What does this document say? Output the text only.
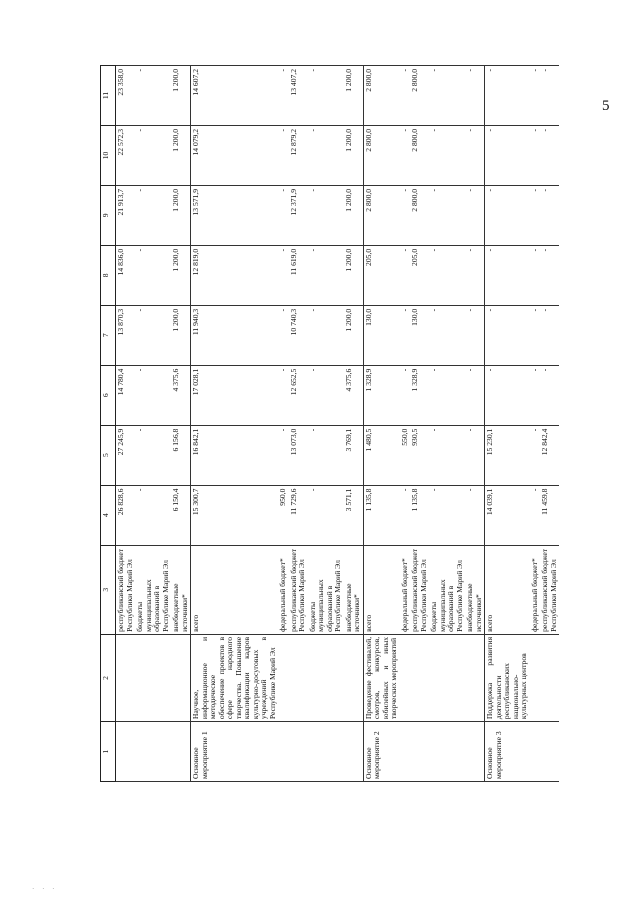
5
· · ·
1	2	3	4	5	6	7	8	9	10	11
		республиканский бюджет Республики Марий Эл	26 828,6	27 245,9	14 780,4	13 870,3	14 836,0	21 913,7	22 572,3	23 358,0
		бюджеты муниципальных образований в Республике Марий Эл	-	-	-	-	-	-	-	-
		внебюджетные источники*	6 150,4	6 156,8	4 375,6	1 200,0	1 200,0	1 200,0	1 200,0	1 200,0
Основное мероприятие 1	Научное, информационное и методическое обеспечение проектов в сфере народного творчества. Повышение квалификации кадров культурно-досуговых учреждений в Республике Марий Эл	всего	15 300,7	16 842,1	17 028,1	11 940,3	12 819,0	13 571,9	14 079,2	14 607,2
		федеральный бюджет*	950,0	-	-	-	-	-	-	-
		республиканский бюджет Республики Марий Эл	11 729,6	13 073,0	12 652,5	10 740,3	11 619,0	12 371,9	12 879,2	13 407,2
		бюджеты муниципальных образований в Республике Марий Эл	-	-	-	-	-	-	-	-
		внебюджетные источники*	3 571,1	3 769,1	4 375,6	1 200,0	1 200,0	1 200,0	1 200,0	1 200,0
Основное мероприятие 2	Проведение фестивалей, смотров, конкурсов, юбилейных и иных творческих мероприятий	всего	1 135,8	1 480,5	1 328,9	130,0	205,0	2 800,0	2 800,0	2 800,0
		федеральный бюджет*	-	550,0	-	-	-	-	-	-
		республиканский бюджет Республики Марий Эл	1 135,8	930,5	1 328,9	130,0	205,0	2 800,0	2 800,0	2 800,0
		бюджеты муниципальных образований в Республике Марий Эл	-	-	-	-	-	-	-	-
		внебюджетные источники*	-	-	-	-	-	-	-	-
Основное мероприятие 3	Поддержка развития деятельности республиканских национально-культурных центров	всего	14 039,1	15 230,1	-	-	-	-	-	-
		федеральный бюджет*	-	-	-	-	-	-	-	-
		республиканский бюджет Республики Марий Эл	11 459,8	12 842,4	-	-	-	-	-	-
